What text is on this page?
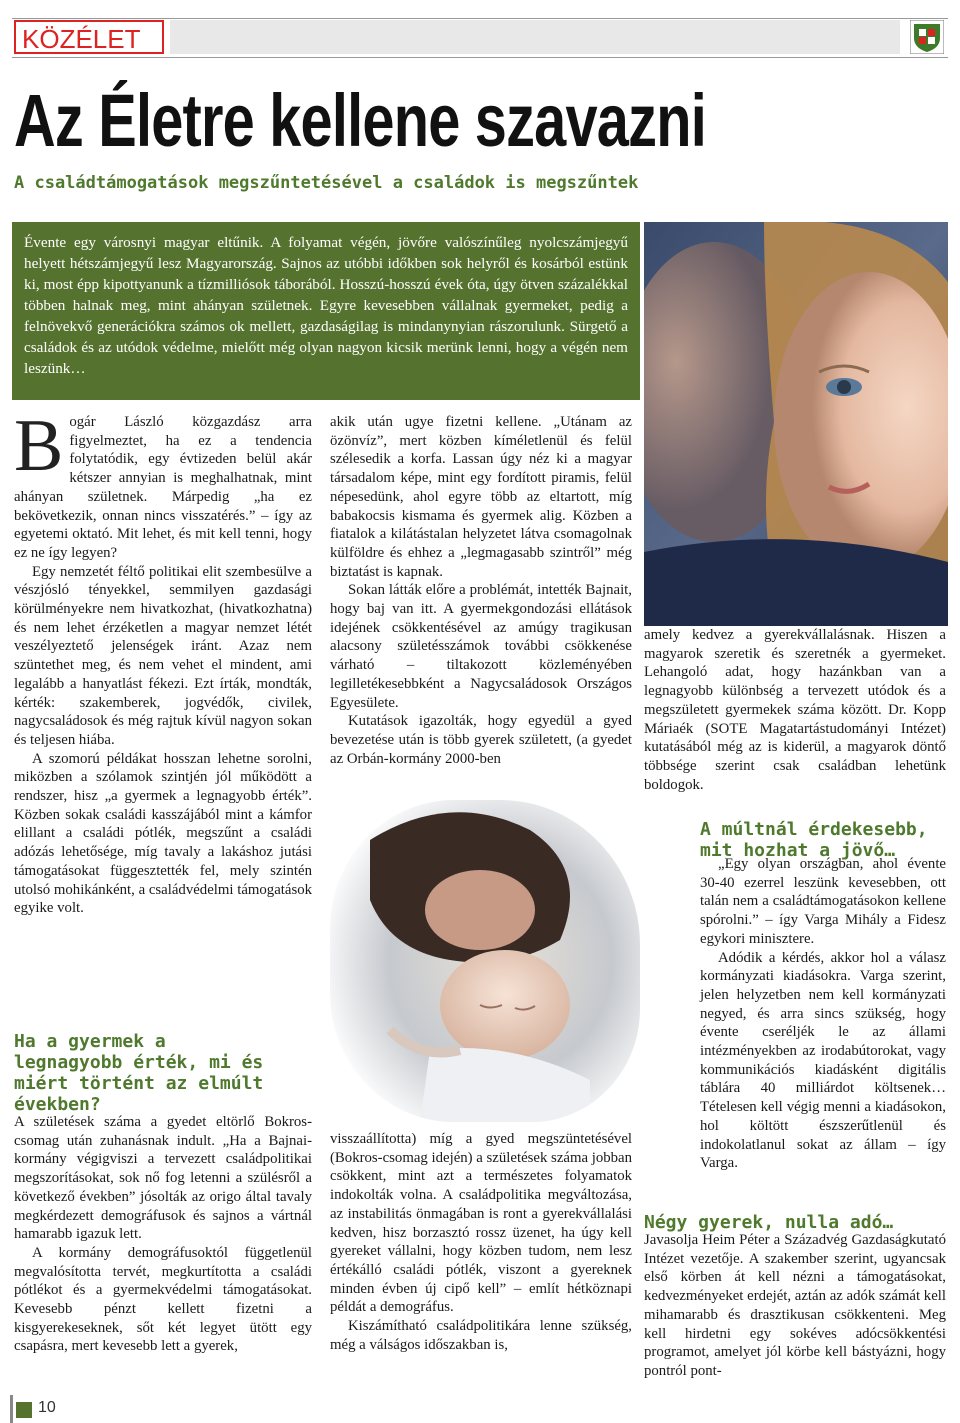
KÖZÉLET
Az Életre kellene szavazni
A családtámogatások megszűntetésével a családok is megszűntek

Évente egy városnyi magyar eltűnik. A folyamat végén, jövőre valószínűleg nyolcszámjegyű helyett hétszámjegyű lesz Magyarország. Sajnos az utóbbi időkben sok helyről és kosárból estünk ki, most épp kipottyanunk a tízmilliósok táborából. Hosszú-hosszú évek óta, úgy ötven százalékkal többen halnak meg, mint ahányan születnek. Egyre kevesebben vállalnak gyermeket, pedig a felnövekvő generációkra számos ok mellett, gazdaságilag is mindanynyian rászorulunk. Sürgető a családok és az utódok védelme, mielőtt még olyan nagyon kicsik merünk lenni, hogy a végén nem leszünk…

B ogár László közgazdász arra figyelmeztet, ha ez a tendencia folytatódik, egy évtizeden belül akár kétszer annyian is meghalhatnak, mint ahányan születnek. Márpedig „ha ez bekövetkezik, onnan nincs visszatérés.” – így az egyetemi oktató. Mit lehet, és mit kell tenni, hogy ez ne így legyen?

Egy nemzetét féltő politikai elit szembesülve a vészjósló tényekkel, semmilyen gazdasági körülményekre nem hivatkozhat, (hivatkozhatna) és nem lehet érzéketlen a magyar nemzet létét veszélyeztető jelenségek iránt. Azaz nem szüntethet meg, és nem vehet el mindent, ami legalább a hanyatlást fékezi. Ezt írták, mondták, kérték: szakemberek, jogvédők, civilek, nagycsaládosok és még rajtuk kívül nagyon sokan és teljesen hiába.

A szomorú példákat hosszan lehetne sorolni, miközben a szólamok szintjén jól működött a rendszer, hisz „a gyermek a legnagyobb érték”. Közben sokak családi kasszájából mint a kámfor elillant a családi pótlék, megszűnt a családi adózás lehetősége, míg tavaly a lakáshoz jutási támogatásokat függesztették fel, mely szintén utolsó mohikánként, a családvédelmi támogatások egyike volt.

Ha a gyermek a legnagyobb érték, mi és miért történt az elmúlt években?

A születések száma a gyedet eltörlő Bokros-csomag után zuhanásnak indult. „Ha a Bajnai-kormány végigviszi a tervezett családpolitikai megszorításokat, sok nő fog letenni a szülésről a következő években” jósolták az origo által tavaly megkérdezett demográfusok és sajnos a vártnál hamarabb igazuk lett.

A kormány demográfusoktól függetlenül megvalósította tervét, megkurtította a családi pótlékot és a gyermekvédelmi támogatásokat. Kevesebb pénzt kellett fizetni a kisgyerekeseknek, sőt két legyet ütött egy csapásra, mert kevesebb lett a gyerek,

akik után ugye fizetni kellene. „Utánam az özönvíz”, mert közben kíméletlenül és felül szélesedik a korfa. Lassan úgy néz ki a magyar társadalom képe, mint egy fordított piramis, felül népesedünk, ahol egyre több az eltartott, míg babakocsis kismama és gyermek alig. Közben a fiatalok a kilátástalan helyzetet látva csomagolnak külföldre és ehhez a „legmagasabb szintről” még biztatást is kapnak.

Sokan látták előre a problémát, intették Bajnait, hogy baj van itt. A gyermekgondozási ellátások idejének csökkentésével az amúgy tragikusan alacsony születésszámok további csökkenése várható – tiltakozott közleményében legilletékesebbként a Nagycsaládosok Országos Egyesülete.

Kutatások igazolták, hogy egyedül a gyed bevezetése után is több gyerek született, (a gyedet az Orbán-kormány 2000-ben

visszaállította) míg a gyed megszüntetésével (Bokros-csomag idején) a születések száma jobban csökkent, mint azt a természetes folyamatok indokolták volna. A családpolitika megváltozása, az instabilitás önmagában is ront a gyerekvállalási kedven, hisz borzasztó rossz üzenet, ha úgy kell gyereket vállalni, hogy közben tudom, nem lesz értékálló családi pótlék, viszont a gyereknek minden évben új cipő kell” – említ hétköznapi példát a demográfus.

Kiszámítható családpolitikára lenne szükség, még a válságos időszakban is,

amely kedvez a gyerekvállalásnak. Hiszen a magyarok szeretik és szeretnék a gyermeket. Lehangoló adat, hogy hazánkban van a legnagyobb különbség a tervezett utódok és a megszületett gyermekek száma között. Dr. Kopp Máriaék (SOTE Magatartástudományi Intézet) kutatásából még az is kiderül, a magyarok döntő többsége szerint csak családban lehetünk boldogok.

A múltnál érdekesebb, mit hozhat a jövő…

„Egy olyan országban, ahol évente 30-40 ezerrel leszünk kevesebben, ott talán nem a családtámogatásokon kellene spórolni.” – így Varga Mihály a Fidesz egykori minisztere.

Adódik a kérdés, akkor hol a válasz kormányzati kiadásokra. Varga szerint, jelen helyzetben nem kell kormányzati negyed, és arra sincs szükség, hogy évente cseréljék le az állami intézményekben az irodabútorokat, vagy kommunikációs kiadásként digitális táblára 40 milliárdot költsenek… Tételesen kell végig menni a kiadásokon, hol költött észszerűtlenül és indokolatlanul sokat az állam – így Varga.

Négy gyerek, nulla adó…

Javasolja Heim Péter a Századvég Gazdaságkutató Intézet vezetője. A szakember szerint, ugyancsak első körben át kell nézni a támogatásokat, kedvezményeket erdejét, aztán az adók számát kell mihamarabb és drasztikusan csökkenteni. Meg kell hirdetni egy sokéves adócsökkentési programot, amelyet jól körbe kell bástyázni, hogy pontról pont-

10
